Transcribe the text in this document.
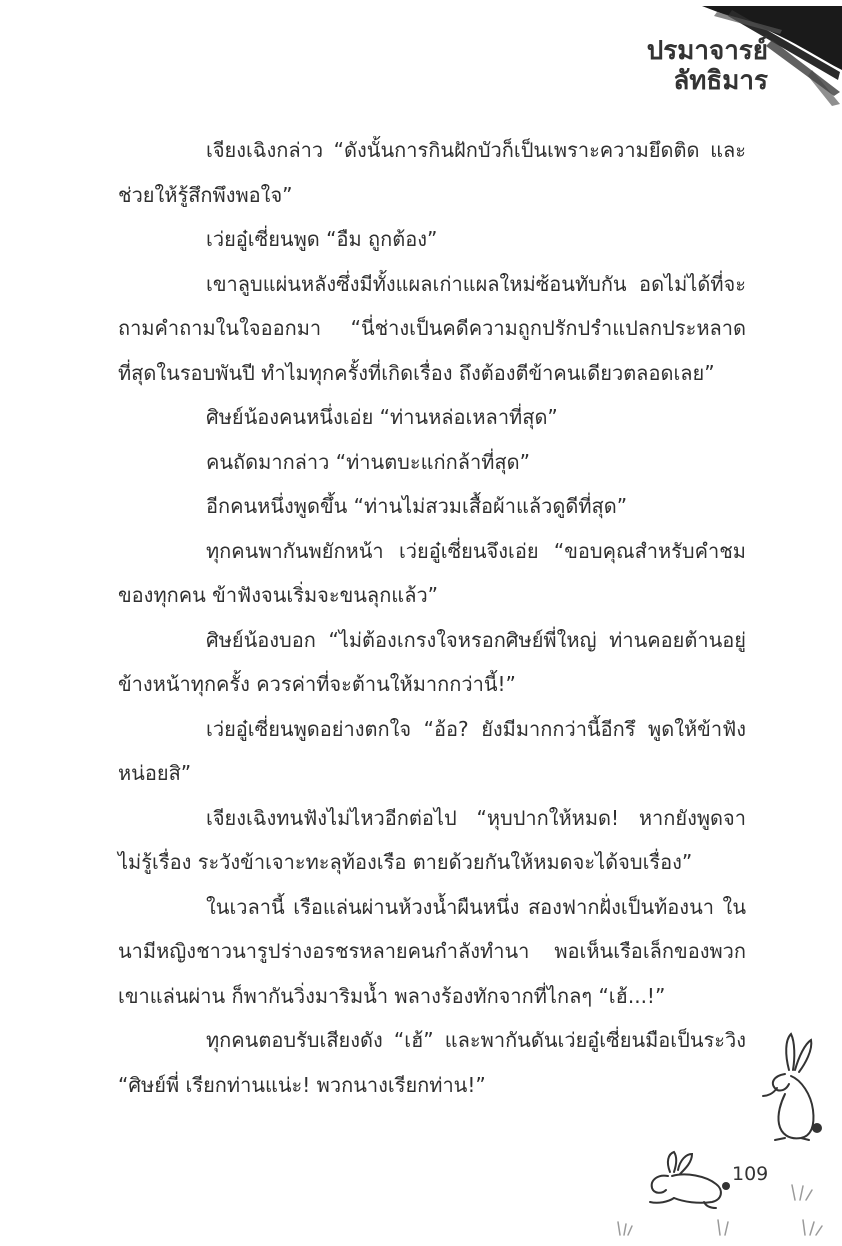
ปรมาจารย์
ลัทธิมาร

เจียงเฉิงกล่าว “ดังนั้นการกินฝักบัวก็เป็นเพราะความยึดติด และช่วยให้รู้สึกพึงพอใจ”

เว่ยอู๋เซี่ยนพูด “อืม ถูกต้อง”

เขาลูบแผ่นหลังซึ่งมีทั้งแผลเก่าแผลใหม่ซ้อนทับกัน อดไม่ได้ที่จะถามคำถามในใจออกมา “นี่ช่างเป็นคดีความถูกปรักปรำแปลกประหลาดที่สุดในรอบพันปี ทำไมทุกครั้งที่เกิดเรื่อง ถึงต้องตีข้าคนเดียวตลอดเลย”

ศิษย์น้องคนหนึ่งเอ่ย “ท่านหล่อเหลาที่สุด”

คนถัดมากล่าว “ท่านตบะแก่กล้าที่สุด”

อีกคนหนึ่งพูดขึ้น “ท่านไม่สวมเสื้อผ้าแล้วดูดีที่สุด”

ทุกคนพากันพยักหน้า เว่ยอู๋เซี่ยนจึงเอ่ย “ขอบคุณสำหรับคำชมของทุกคน ข้าฟังจนเริ่มจะขนลุกแล้ว”

ศิษย์น้องบอก “ไม่ต้องเกรงใจหรอกศิษย์พี่ใหญ่ ท่านคอยต้านอยู่ข้างหน้าทุกครั้ง ควรค่าที่จะต้านให้มากกว่านี้!”

เว่ยอู๋เซี่ยนพูดอย่างตกใจ “อ้อ? ยังมีมากกว่านี้อีกรึ พูดให้ข้าฟังหน่อยสิ”

เจียงเฉิงทนฟังไม่ไหวอีกต่อไป “หุบปากให้หมด! หากยังพูดจาไม่รู้เรื่อง ระวังข้าเจาะทะลุท้องเรือ ตายด้วยกันให้หมดจะได้จบเรื่อง”

ในเวลานี้ เรือแล่นผ่านห้วงน้ำผืนหนึ่ง สองฟากฝั่งเป็นท้องนา ในนามีหญิงชาวนารูปร่างอรชรหลายคนกำลังทำนา พอเห็นเรือเล็กของพวกเขาแล่นผ่าน ก็พากันวิ่งมาริมน้ำ พลางร้องทักจากที่ไกลๆ “เฮ้...!”

ทุกคนตอบรับเสียงดัง “เฮ้” และพากันดันเว่ยอู๋เซี่ยนมือเป็นระวิง “ศิษย์พี่ เรียกท่านแน่ะ! พวกนางเรียกท่าน!”

109
